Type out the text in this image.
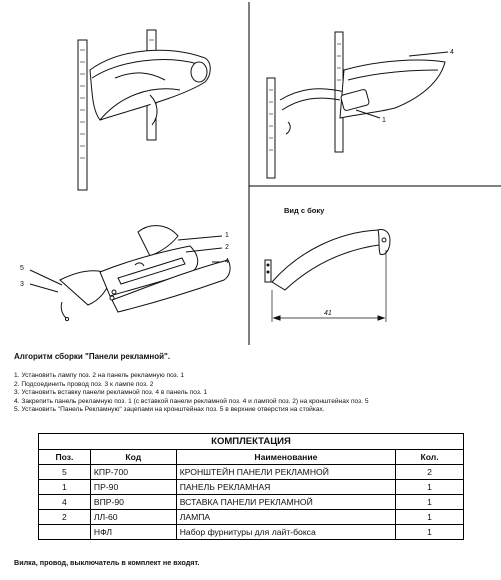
4
1
1
2
4
5
3
Вид с боку
41
Алгоритм сборки "Панели рекламной".
1. Установить лампу поз. 2 на панель рекламную поз. 1
2. Подсоединить провод поз. 3 к лампе поз. 2
3. Установить вставку панели рекламной поз. 4 в панель поз. 1
4. Закрепить панель рекламную поз. 1 (с вставкой панели рекламной поз. 4 и лампой поз. 2) на кронштейнах поз. 5
5. Установить "Панель Рекламную" зацепами на кронштейнах поз. 5 в верхние отверстия на стойках.
КОМПЛЕКТАЦИЯ			
Поз.	Код	Наименование	Кол.
5	КПР-700	КРОНШТЕЙН ПАНЕЛИ РЕКЛАМНОЙ	2
1	ПР-90	ПАНЕЛЬ РЕКЛАМНАЯ	1
4	ВПР-90	ВСТАВКА ПАНЕЛИ РЕКЛАМНОЙ	1
2	ЛЛ-60	ЛАМПА	1
	НФЛ	Набор фурнитуры для лайт-бокса	1
Вилка, провод, выключатель в комплект не входят.
